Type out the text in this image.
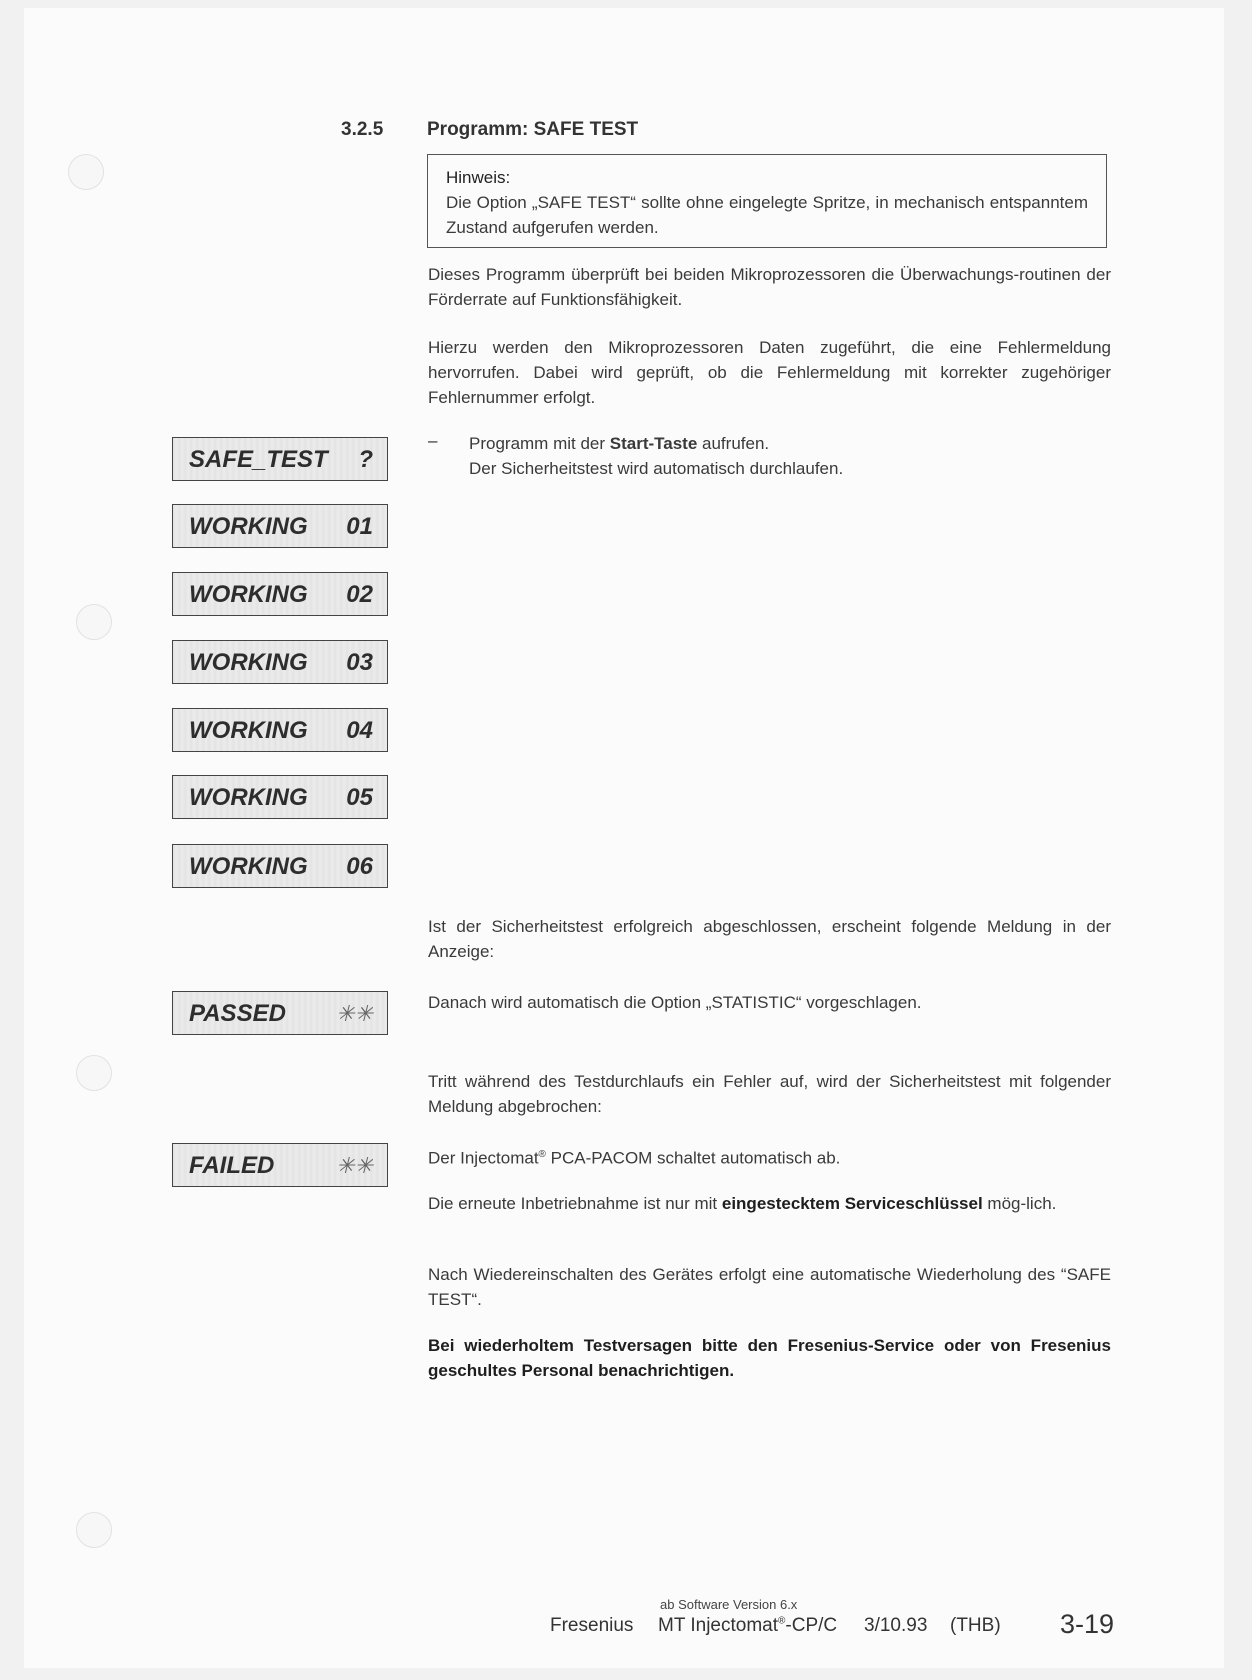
3.2.5 Programm: SAFE TEST
Hinweis:
Die Option „SAFE TEST“ sollte ohne eingelegte Spritze, in mechanisch entspanntem Zustand aufgerufen werden.
Dieses Programm überprüft bei beiden Mikroprozessoren die Überwachungs-routinen der Förderrate auf Funktionsfähigkeit.
Hierzu werden den Mikroprozessoren Daten zugeführt, die eine Fehlermeldung hervorrufen. Dabei wird geprüft, ob die Fehlermeldung mit korrekter zugehöriger Fehlernummer erfolgt.
– Programm mit der Start-Taste aufrufen.
Der Sicherheitstest wird automatisch durchlaufen.
SAFE_TEST ?
WORKING 01
WORKING 02
WORKING 03
WORKING 04
WORKING 05
WORKING 06
Ist der Sicherheitstest erfolgreich abgeschlossen, erscheint folgende Meldung in der Anzeige:
PASSED ✳✳	Danach wird automatisch die Option „STATISTIC“ vorgeschlagen.
Tritt während des Testdurchlaufs ein Fehler auf, wird der Sicherheitstest mit folgender Meldung abgebrochen:
FAILED	✳✳	Der Injectomat® PCA-PACOM schaltet automatisch ab.
Die erneute Inbetriebnahme ist nur mit eingestecktem Serviceschlüssel mög-lich.
Nach Wiedereinschalten des Gerätes erfolgt eine automatische Wiederholung des “SAFE TEST“.
Bei wiederholtem Testversagen bitte den Fresenius-Service oder von Fresenius geschultes Personal benachrichtigen.
ab Software Version 6.x
Fresenius MT Injectomat®-CP/C 3/10.93 (THB) 3-19
